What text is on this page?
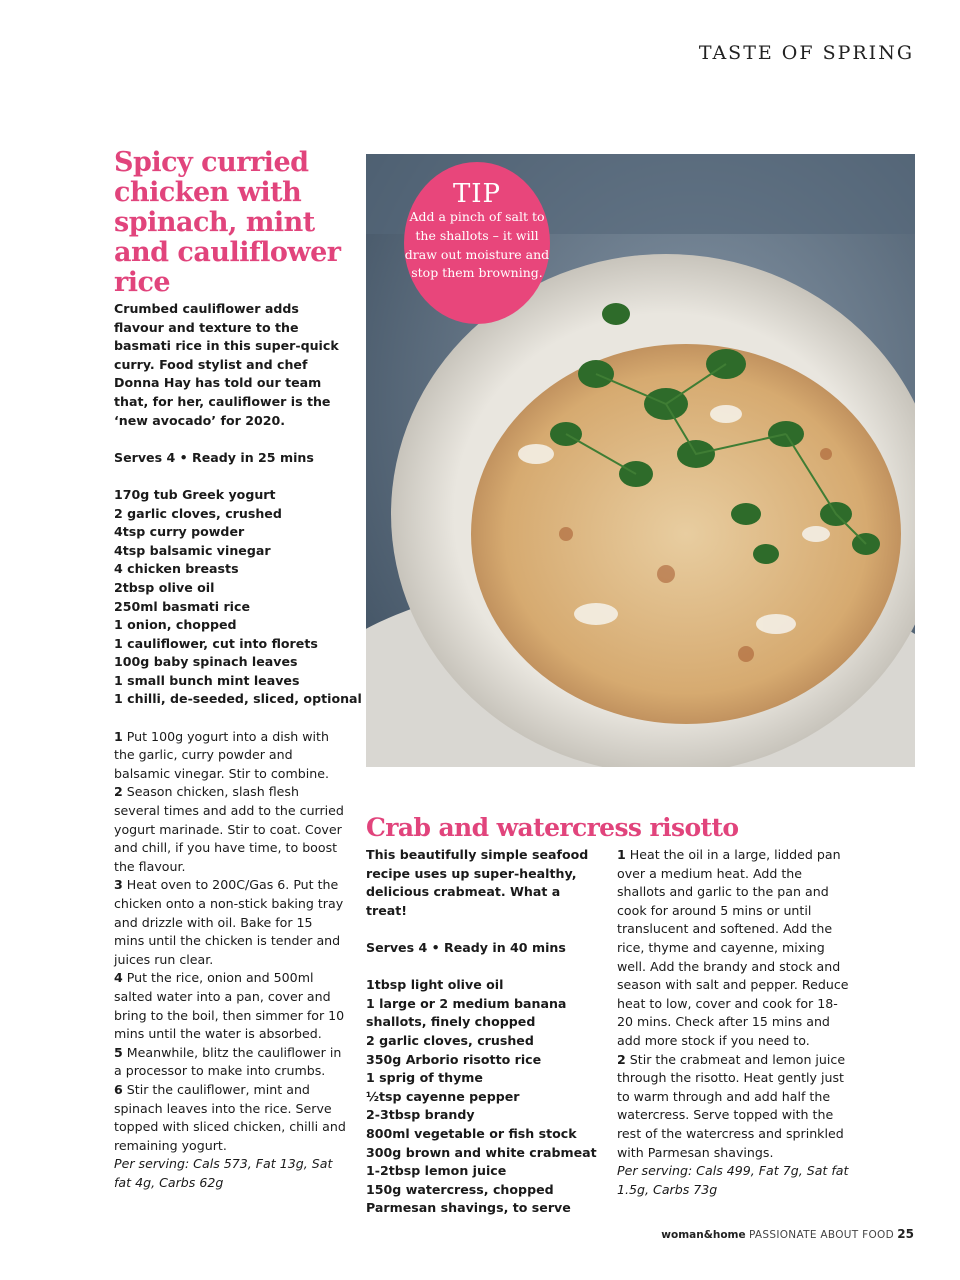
TASTE OF SPRING
Spicy curried chicken with spinach, mint and cauliflower rice

Crumbed cauliflower adds flavour and texture to the basmati rice in this super-quick curry. Food stylist and chef Donna Hay has told our team that, for her, cauliflower is the ‘new avocado’ for 2020.

Serves 4 • Ready in 25 mins

170g tub Greek yogurt
2 garlic cloves, crushed
4tsp curry powder
4tsp balsamic vinegar
4 chicken breasts
2tbsp olive oil
250ml basmati rice
1 onion, chopped
1 cauliflower, cut into florets
100g baby spinach leaves
1 small bunch mint leaves
1 chilli, de-seeded, sliced, optional
1 Put 100g yogurt into a dish with the garlic, curry powder and balsamic vinegar. Stir to combine.
2 Season chicken, slash flesh several times and add to the curried yogurt marinade. Stir to coat. Cover and chill, if you have time, to boost the flavour.
3 Heat oven to 200C/Gas 6. Put the chicken onto a non-stick baking tray and drizzle with oil. Bake for 15 mins until the chicken is tender and juices run clear.
4 Put the rice, onion and 500ml salted water into a pan, cover and bring to the boil, then simmer for 10 mins until the water is absorbed.
5 Meanwhile, blitz the cauliflower in a processor to make into crumbs.
6 Stir the cauliflower, mint and spinach leaves into the rice. Serve topped with sliced chicken, chilli and remaining yogurt.
Per serving: Cals 573, Fat 13g, Sat fat 4g, Carbs 62g
TIP
Add a pinch of salt to the shallots – it will draw out moisture and stop them browning.
Crab and watercress risotto

This beautifully simple seafood recipe uses up super-healthy, delicious crabmeat. What a treat!

Serves 4 • Ready in 40 mins

1tbsp light olive oil
1 large or 2 medium banana shallots, finely chopped
2 garlic cloves, crushed
350g Arborio risotto rice
1 sprig of thyme
½tsp cayenne pepper
2-3tbsp brandy
800ml vegetable or fish stock
300g brown and white crabmeat
1-2tbsp lemon juice
150g watercress, chopped
Parmesan shavings, to serve
1 Heat the oil in a large, lidded pan over a medium heat. Add the shallots and garlic to the pan and cook for around 5 mins or until translucent and softened. Add the rice, thyme and cayenne, mixing well. Add the brandy and stock and season with salt and pepper. Reduce heat to low, cover and cook for 18-20 mins. Check after 15 mins and add more stock if you need to.
2 Stir the crabmeat and lemon juice through the risotto. Heat gently just to warm through and add half the watercress. Serve topped with the rest of the watercress and sprinkled with Parmesan shavings.
Per serving: Cals 499, Fat 7g, Sat fat 1.5g, Carbs 73g
woman&home PASSIONATE ABOUT FOOD 25
